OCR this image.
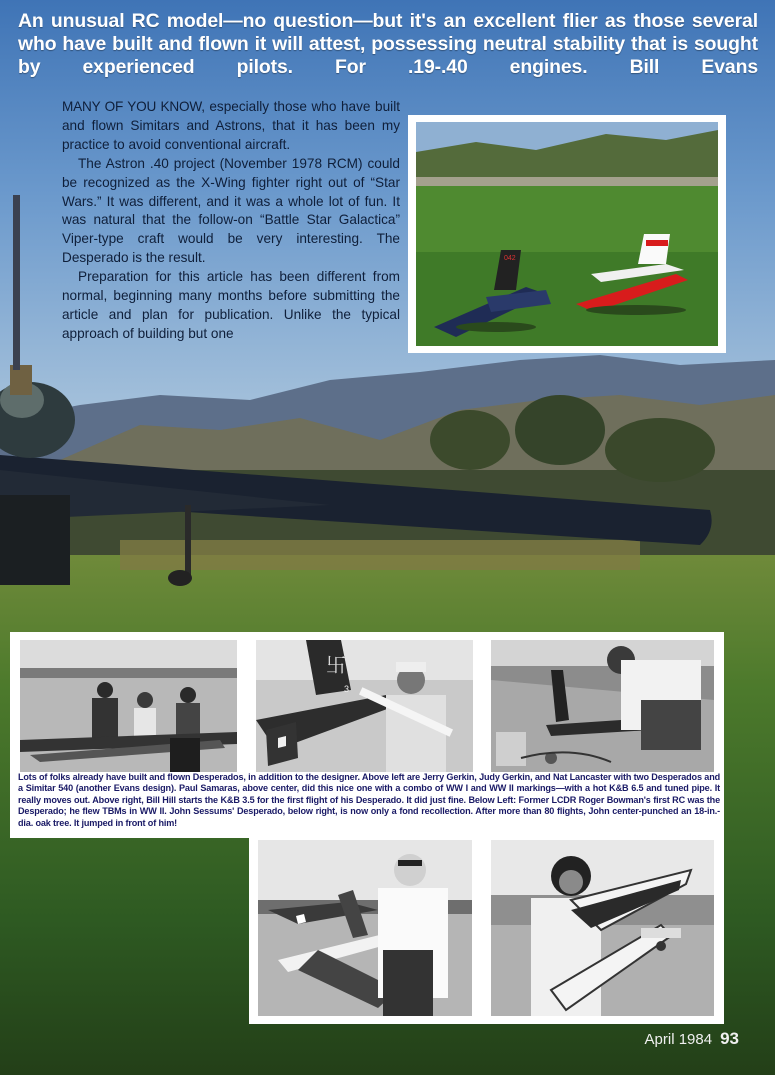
An unusual RC model—no question—but it's an excellent flier as those several who have built and flown it will attest, possessing neutral stability that is sought by experienced pilots. For .19-.40 engines. Bill Evans

MANY OF YOU KNOW, especially those who have built and flown Simitars and Astrons, that it has been my practice to avoid conventional aircraft.

The Astron .40 project (November 1978 RCM) could be recognized as the X-Wing fighter right out of “Star Wars.” It was different, and it was a whole lot of fun. It was natural that the follow-on “Battle Star Galactica” Viper-type craft would be very interesting. The Desperado is the result.

Preparation for this article has been different from normal, beginning many months before submitting the article and plan for publication. Unlike the typical approach of building but one

042
卐
3
Lots of folks already have built and flown Desperados, in addition to the designer. Above left are Jerry Gerkin, Judy Gerkin, and Nat Lancaster with two Desperados and a Simitar 540 (another Evans design). Paul Samaras, above center, did this nice one with a combo of WW I and WW II markings—with a hot K&B 6.5 and tuned pipe. It really moves out. Above right, Bill Hill starts the K&B 3.5 for the first flight of his Desperado. It did just fine. Below Left: Former LCDR Roger Bowman's first RC was the Desperado; he flew TBMs in WW II. John Sessums' Desperado, below right, is now only a fond recollection. After more than 80 flights, John center-punched an 18-in.-dia. oak tree. It jumped in front of him!
April 1984 93
